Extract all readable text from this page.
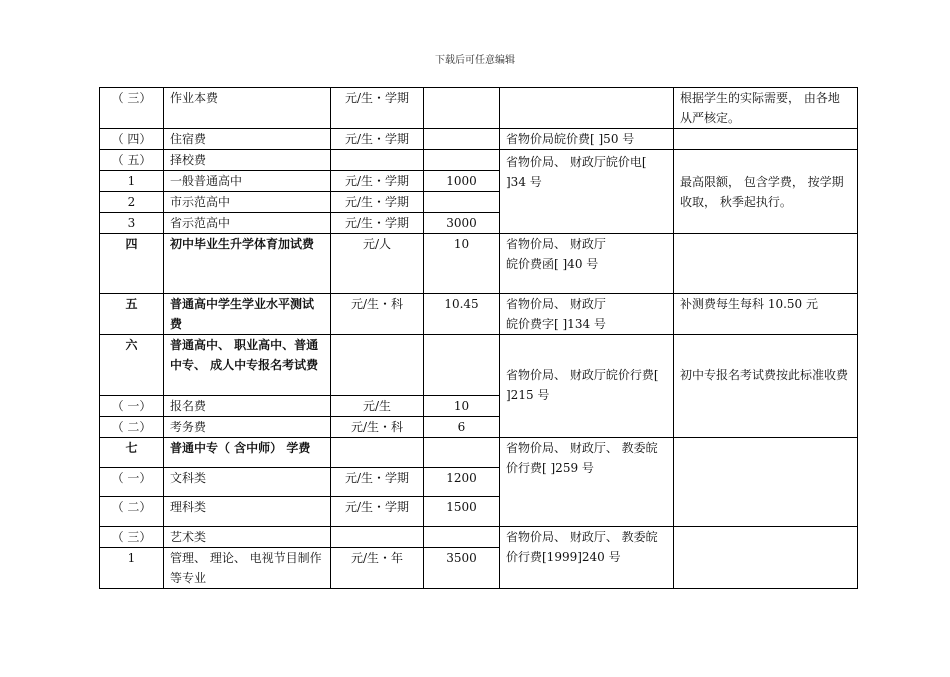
下载后可任意编辑
（ 三）	作业本费	元/生・学期			根据学生的实际需要， 由各地从严核定。
（ 四）	住宿费	元/生・学期		省物价局皖价费[ ]50 号	
（ 五）	择校费			省物价局、 财政厅皖价电[ ]34 号	最高限额， 包含学费， 按学期收取， 秋季起执行。
1	一般普通高中	元/生・学期	1000		
2	市示范高中	元/生・学期			
3	省示范高中	元/生・学期	3000		
四	初中毕业生升学体育加试费	元/人	10	省物价局、 财政厅
皖价费函[ ]40 号	
五	普通高中学生学业水平测试费	元/生・科	10.45	省物价局、 财政厅
皖价费字[ ]134 号	补测费每生每科 10.50 元
六	普通高中、 职业高中、普通中专、 成人中专报名考试费			省物价局、 财政厅皖价行费[ ]215 号	初中专报名考试费按此标准收费
（ 一）	报名费	元/生	10		
（ 二）	考务费	元/生・科	6		
七	普通中专（ 含中师） 学费			省物价局、 财政厅、 教委皖价行费[ ]259 号	
（ 一）	文科类	元/生・学期	1200		
（ 二）	理科类	元/生・学期	1500		
（ 三）	艺术类			省物价局、 财政厅、 教委皖价行费[1999]240 号	
1	管理、 理论、 电视节目制作等专业	元/生・年	3500		
